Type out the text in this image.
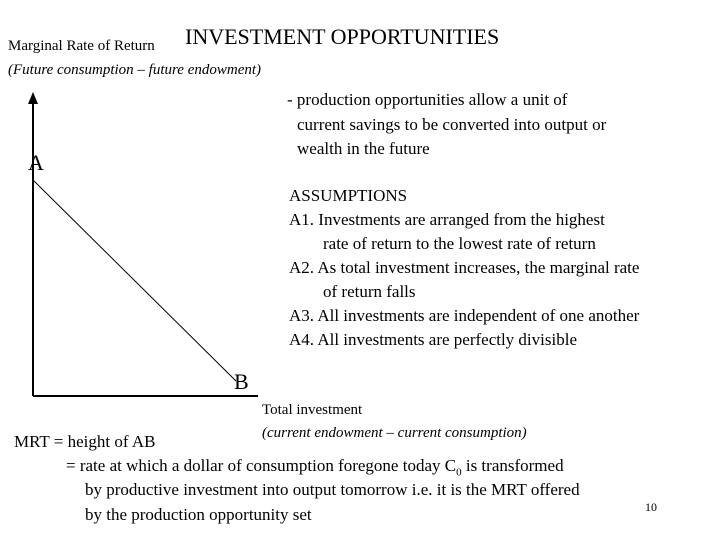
INVESTMENT OPPORTUNITIES
Marginal Rate of Return
(Future consumption – future endowment)
- production opportunities allow a unit of
current savings to be converted into output or
wealth in the future
A
B
ASSUMPTIONS
A1. Investments are arranged from the highest
rate of return to the lowest rate of return
A2. As total investment increases, the marginal rate
of return falls
A3. All investments are independent of one another
A4. All investments are perfectly divisible
Total investment
(current endowment – current consumption)
MRT = height of AB
= rate at which a dollar of consumption foregone today $C_0$ is transformed
by productive investment into output tomorrow i.e. it is the MRT offered
by the production opportunity set	10
